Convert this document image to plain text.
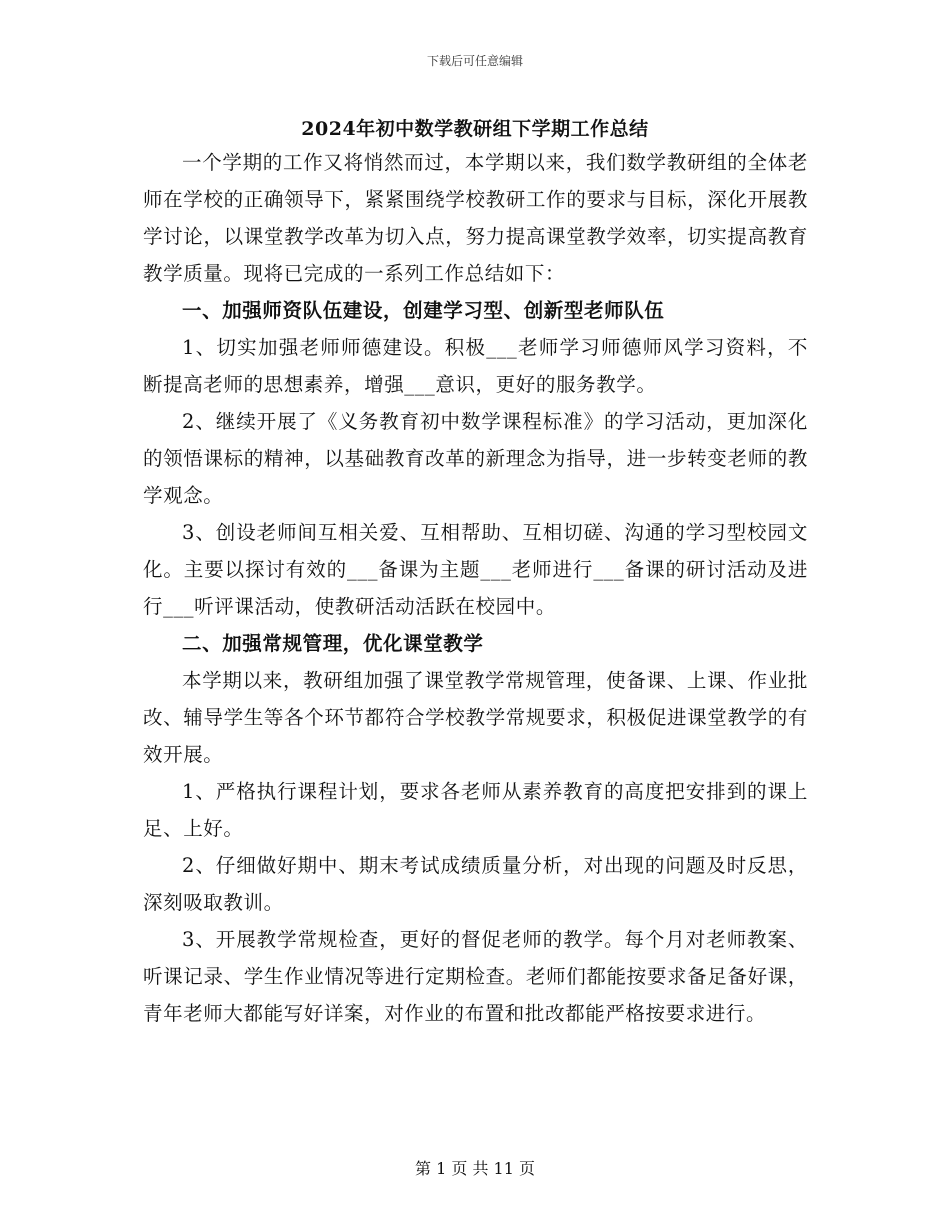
下载后可任意编辑
2024年初中数学教研组下学期工作总结

一个学期的工作又将悄然而过，本学期以来，我们数学教研组的全体老师在学校的正确领导下，紧紧围绕学校教研工作的要求与目标，深化开展教学讨论，以课堂教学改革为切入点，努力提高课堂教学效率，切实提高教育教学质量。现将已完成的一系列工作总结如下：

一、加强师资队伍建设，创建学习型、创新型老师队伍

1、切实加强老师师德建设。积极___老师学习师德师风学习资料，不断提高老师的思想素养，增强___意识，更好的服务教学。

2、继续开展了《义务教育初中数学课程标准》的学习活动，更加深化的领悟课标的精神，以基础教育改革的新理念为指导，进一步转变老师的教学观念。

3、创设老师间互相关爱、互相帮助、互相切磋、沟通的学习型校园文化。主要以探讨有效的___备课为主题___老师进行___备课的研讨活动及进行___听评课活动，使教研活动活跃在校园中。

二、加强常规管理，优化课堂教学

本学期以来，教研组加强了课堂教学常规管理，使备课、上课、作业批改、辅导学生等各个环节都符合学校教学常规要求，积极促进课堂教学的有效开展。

1、严格执行课程计划，要求各老师从素养教育的高度把安排到的课上足、上好。

2、仔细做好期中、期末考试成绩质量分析，对出现的问题及时反思，深刻吸取教训。

3、开展教学常规检查，更好的督促老师的教学。每个月对老师教案、听课记录、学生作业情况等进行定期检查。老师们都能按要求备足备好课，青年老师大都能写好详案，对作业的布置和批改都能严格按要求进行。

第 1 页 共 11 页
